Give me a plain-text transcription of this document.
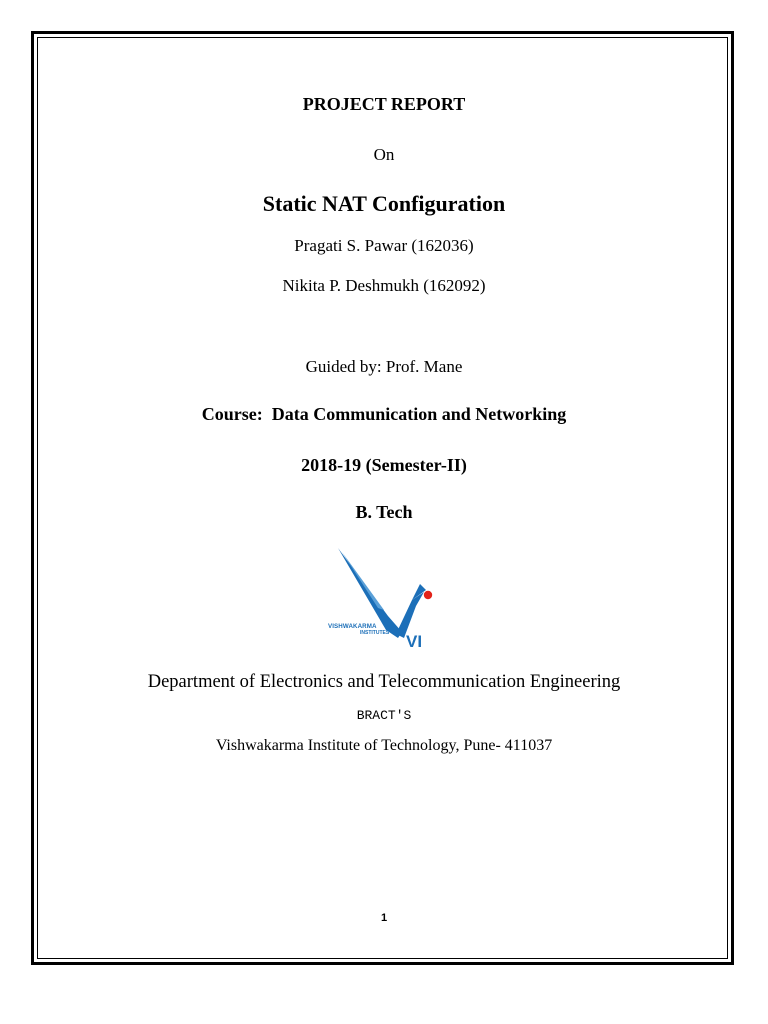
PROJECT REPORT
On
Static NAT Configuration
Pragati S. Pawar (162036)
Nikita P. Deshmukh (162092)
Guided by: Prof. Mane
Course:  Data Communication and Networking
2018-19 (Semester-II)
B. Tech
VISHWAKARMA
INSTITUTES VI
Department of Electronics and Telecommunication Engineering
BRACT'S
Vishwakarma Institute of Technology, Pune- 411037
1
